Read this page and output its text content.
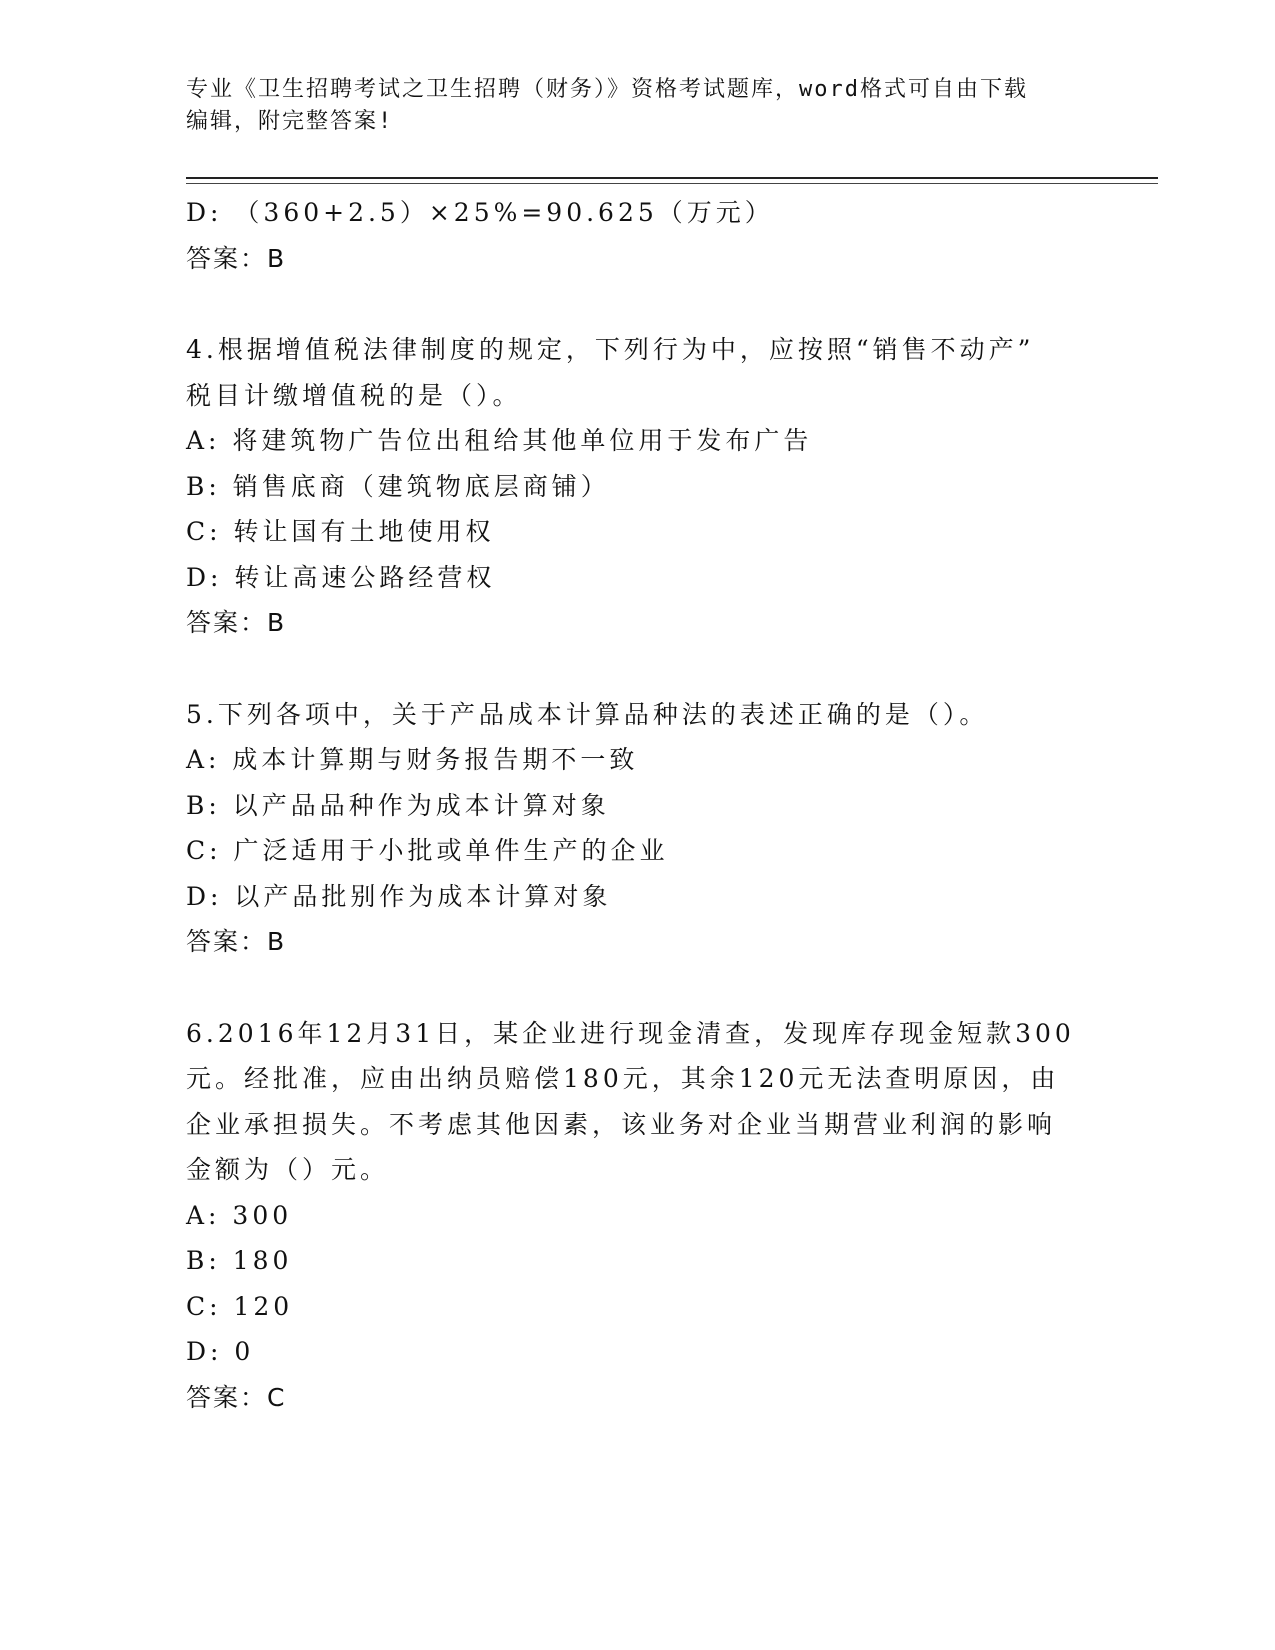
专业《卫生招聘考试之卫生招聘（财务）》资格考试题库，word格式可自由下载
编辑，附完整答案!
D: （360+2.5）×25%=90.625（万元）
答案：B
4.根据增值税法律制度的规定，下列行为中，应按照“销售不动产”
税目计缴增值税的是（）。
A: 将建筑物广告位出租给其他单位用于发布广告
B: 销售底商（建筑物底层商铺）
C: 转让国有土地使用权
D: 转让高速公路经营权
答案：B
5.下列各项中，关于产品成本计算品种法的表述正确的是（）。
A: 成本计算期与财务报告期不一致
B: 以产品品种作为成本计算对象
C: 广泛适用于小批或单件生产的企业
D: 以产品批别作为成本计算对象
答案：B
6.2016年12月31日，某企业进行现金清查，发现库存现金短款300
元。经批准，应由出纳员赔偿180元，其余120元无法查明原因，由
企业承担损失。不考虑其他因素，该业务对企业当期营业利润的影响
金额为（）元。
A: 300
B: 180
C: 120
D: 0
答案：C
